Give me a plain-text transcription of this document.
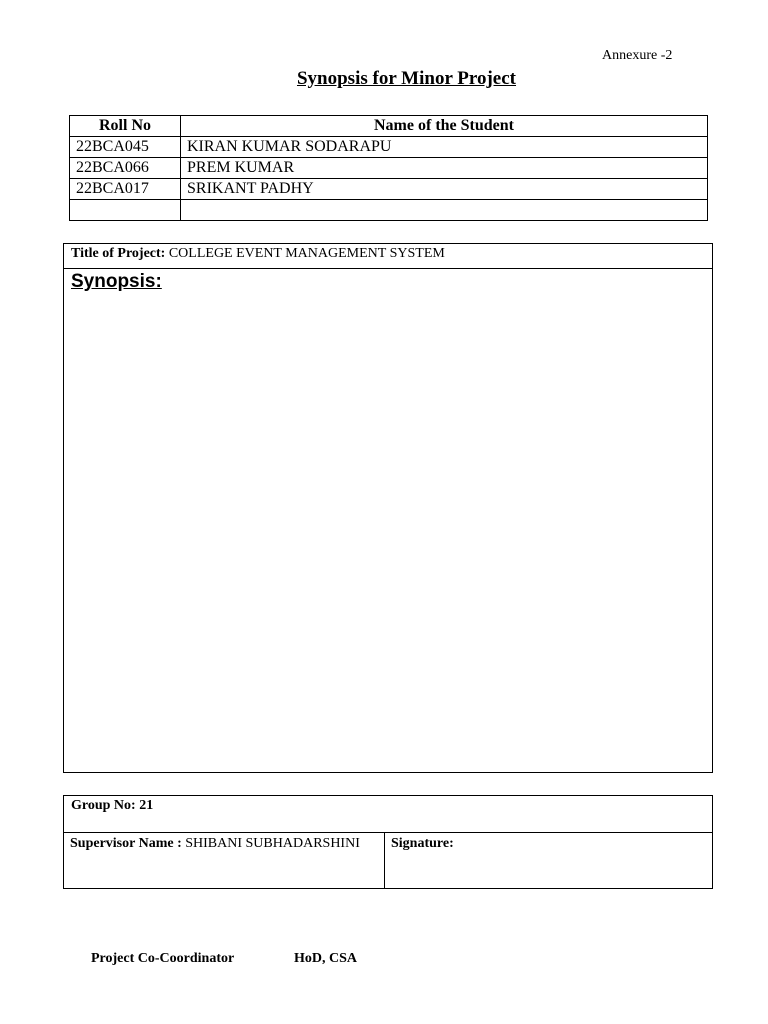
Annexure -2
Synopsis for Minor Project
Roll No	Name of the Student
22BCA045	KIRAN KUMAR SODARAPU
22BCA066	PREM KUMAR
22BCA017	SRIKANT PADHY

Title of Project: COLLEGE EVENT MANAGEMENT SYSTEM
Synopsis:
Group No: 21
Supervisor Name : SHIBANI SUBHADARSHINI	Signature:
Project Co-Coordinator	HoD, CSA
